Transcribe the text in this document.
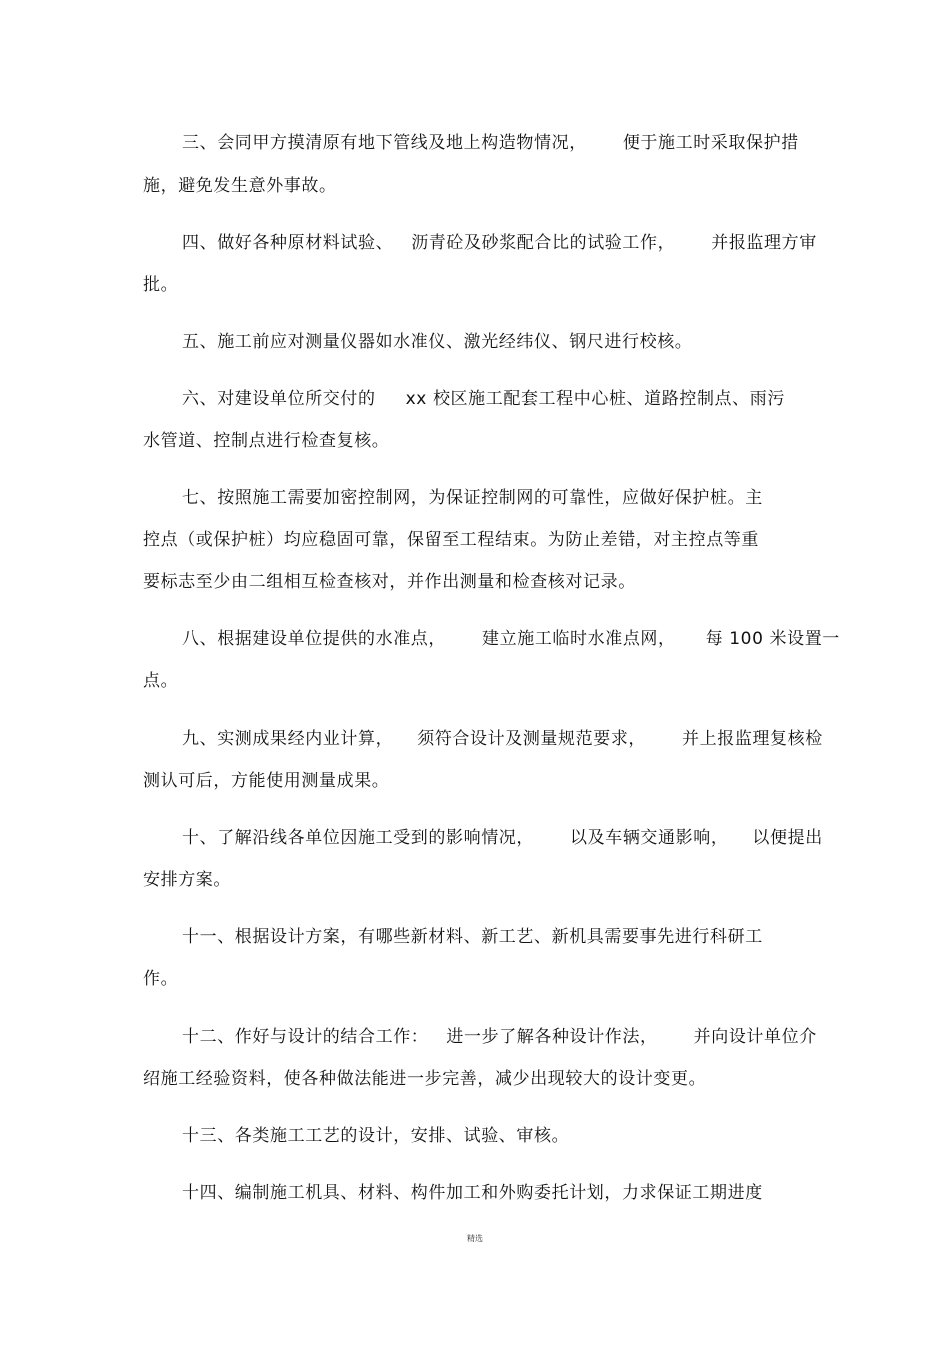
三、会同甲方摸清原有地下管线及地上构造物情况，      便于施工时采取保护措
施，避免发生意外事故。
四、做好各种原材料试验、   沥青砼及砂浆配合比的试验工作，      并报监理方审
批。
五、施工前应对测量仪器如水准仪、激光经纬仪、钢尺进行校核。
六、对建设单位所交付的     xx 校区施工配套工程中心桩、道路控制点、雨污
水管道、控制点进行检查复核。
七、按照施工需要加密控制网，为保证控制网的可靠性，应做好保护桩。主
控点（或保护桩）均应稳固可靠，保留至工程结束。为防止差错，对主控点等重
要标志至少由二组相互检查核对，并作出测量和检查核对记录。
八、根据建设单位提供的水准点，      建立施工临时水准点网，     每 100 米设置一
点。
九、实测成果经内业计算，    须符合设计及测量规范要求，      并上报监理复核检
测认可后，方能使用测量成果。
十、了解沿线各单位因施工受到的影响情况，      以及车辆交通影响，    以便提出
安排方案。
十一、根据设计方案，有哪些新材料、新工艺、新机具需要事先进行科研工
作。
十二、作好与设计的结合工作：   进一步了解各种设计作法，      并向设计单位介
绍施工经验资料，使各种做法能进一步完善，减少出现较大的设计变更。
十三、各类施工工艺的设计，安排、试验、审核。
十四、编制施工机具、材料、构件加工和外购委托计划，力求保证工期进度
精选
